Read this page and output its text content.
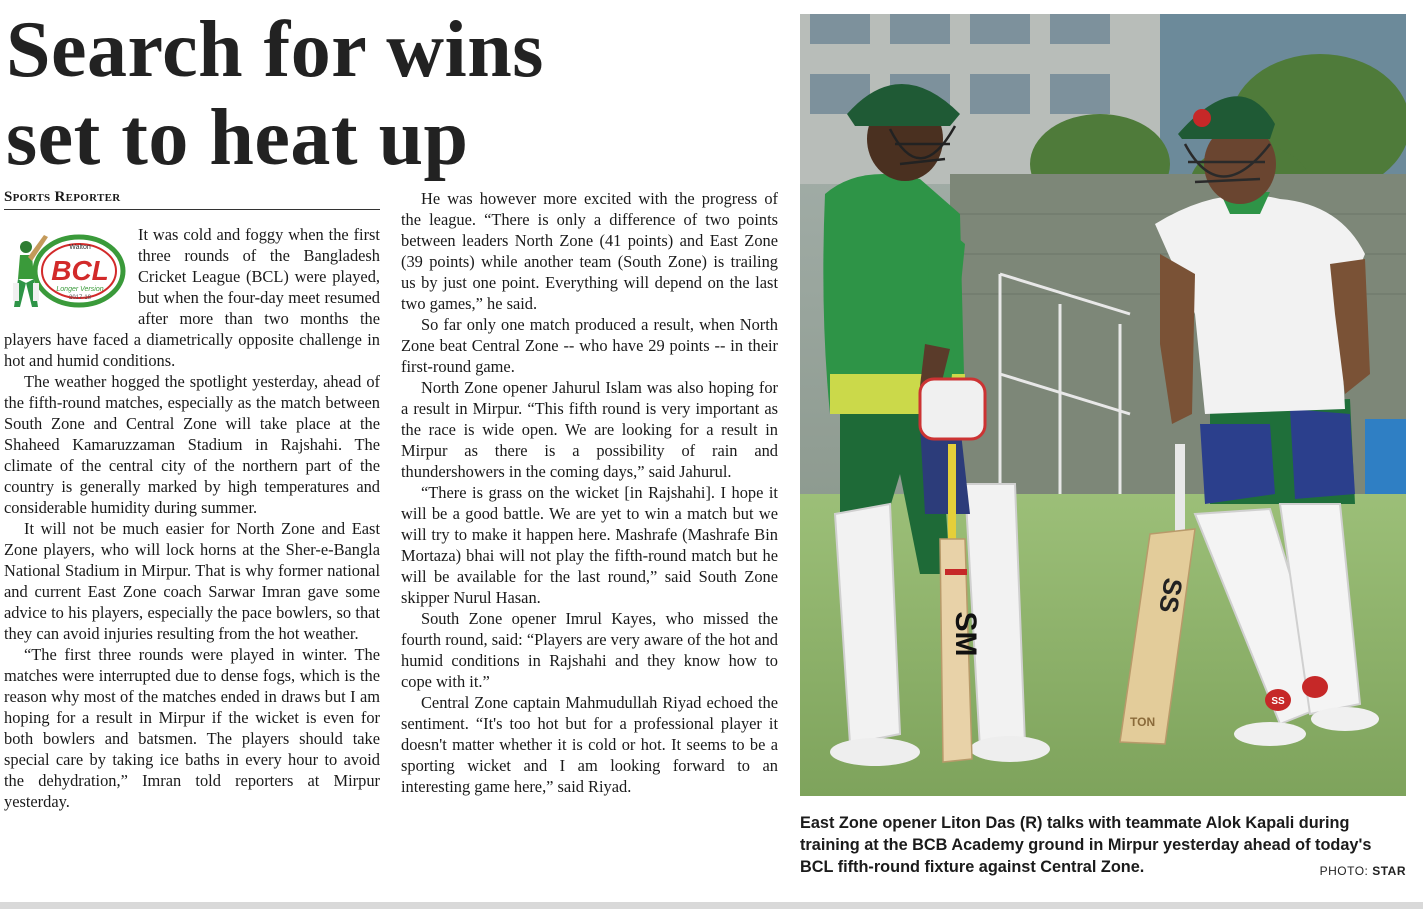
Search for wins
set to heat up
Sports Reporter
Walton
BCL
Longer Version
2017-18

It was cold and foggy when the first three rounds of the Bangladesh Cricket League (BCL) were played, but when the four-day meet resumed after more than two months the players have faced a diametrically opposite challenge in hot and humid conditions.

The weather hogged the spotlight yesterday, ahead of the fifth-round matches, especially as the match between South Zone and Central Zone will take place at the Shaheed Kamaruzzaman Stadium in Rajshahi. The climate of the central city of the northern part of the country is generally marked by high temperatures and considerable humidity during summer.

It will not be much easier for North Zone and East Zone players, who will lock horns at the Sher-e-Bangla National Stadium in Mirpur. That is why former national and current East Zone coach Sarwar Imran gave some advice to his players, especially the pace bowlers, so that they can avoid injuries resulting from the hot weather.

“The first three rounds were played in winter. The matches were interrupted due to dense fogs, which is the reason why most of the matches ended in draws but I am hoping for a result in Mirpur if the wicket is even for both bowlers and batsmen. The players should take special care by taking ice baths in every hour to avoid the dehydration,” Imran told reporters at Mirpur yesterday.

He was however more excited with the progress of the league. “There is only a difference of two points between leaders North Zone (41 points) and East Zone (39 points) while another team (South Zone) is trailing us by just one point. Everything will depend on the last two games,” he said.

So far only one match produced a result, when North Zone beat Central Zone -- who have 29 points -- in their first-round game.

North Zone opener Jahurul Islam was also hoping for a result in Mirpur. “This fifth round is very important as the race is wide open. We are looking for a result in Mirpur as there is a possibility of rain and thundershowers in the coming days,” said Jahurul.

“There is grass on the wicket [in Rajshahi]. I hope it will be a good battle. We are yet to win a match but we will try to make it happen here. Mashrafe (Mashrafe Bin Mortaza) bhai will not play the fifth-round match but he will be available for the last round,” said South Zone skipper Nurul Hasan.

South Zone opener Imrul Kayes, who missed the fourth round, said: “Players are very aware of the hot and humid conditions in Rajshahi and they know how to cope with it.”

Central Zone captain Mahmudullah Riyad echoed the sentiment. “It's too hot but for a professional player it doesn't matter whether it is cold or hot. It seems to be a sporting wicket and I am looking forward to an interesting game here,” said Riyad.

SM
SS
TON
SS
East Zone opener Liton Das (R) talks with teammate Alok Kapali during training at the BCB Academy ground in Mirpur yesterday ahead of today's BCL fifth-round fixture against Central Zone.	PHOTO: STAR
